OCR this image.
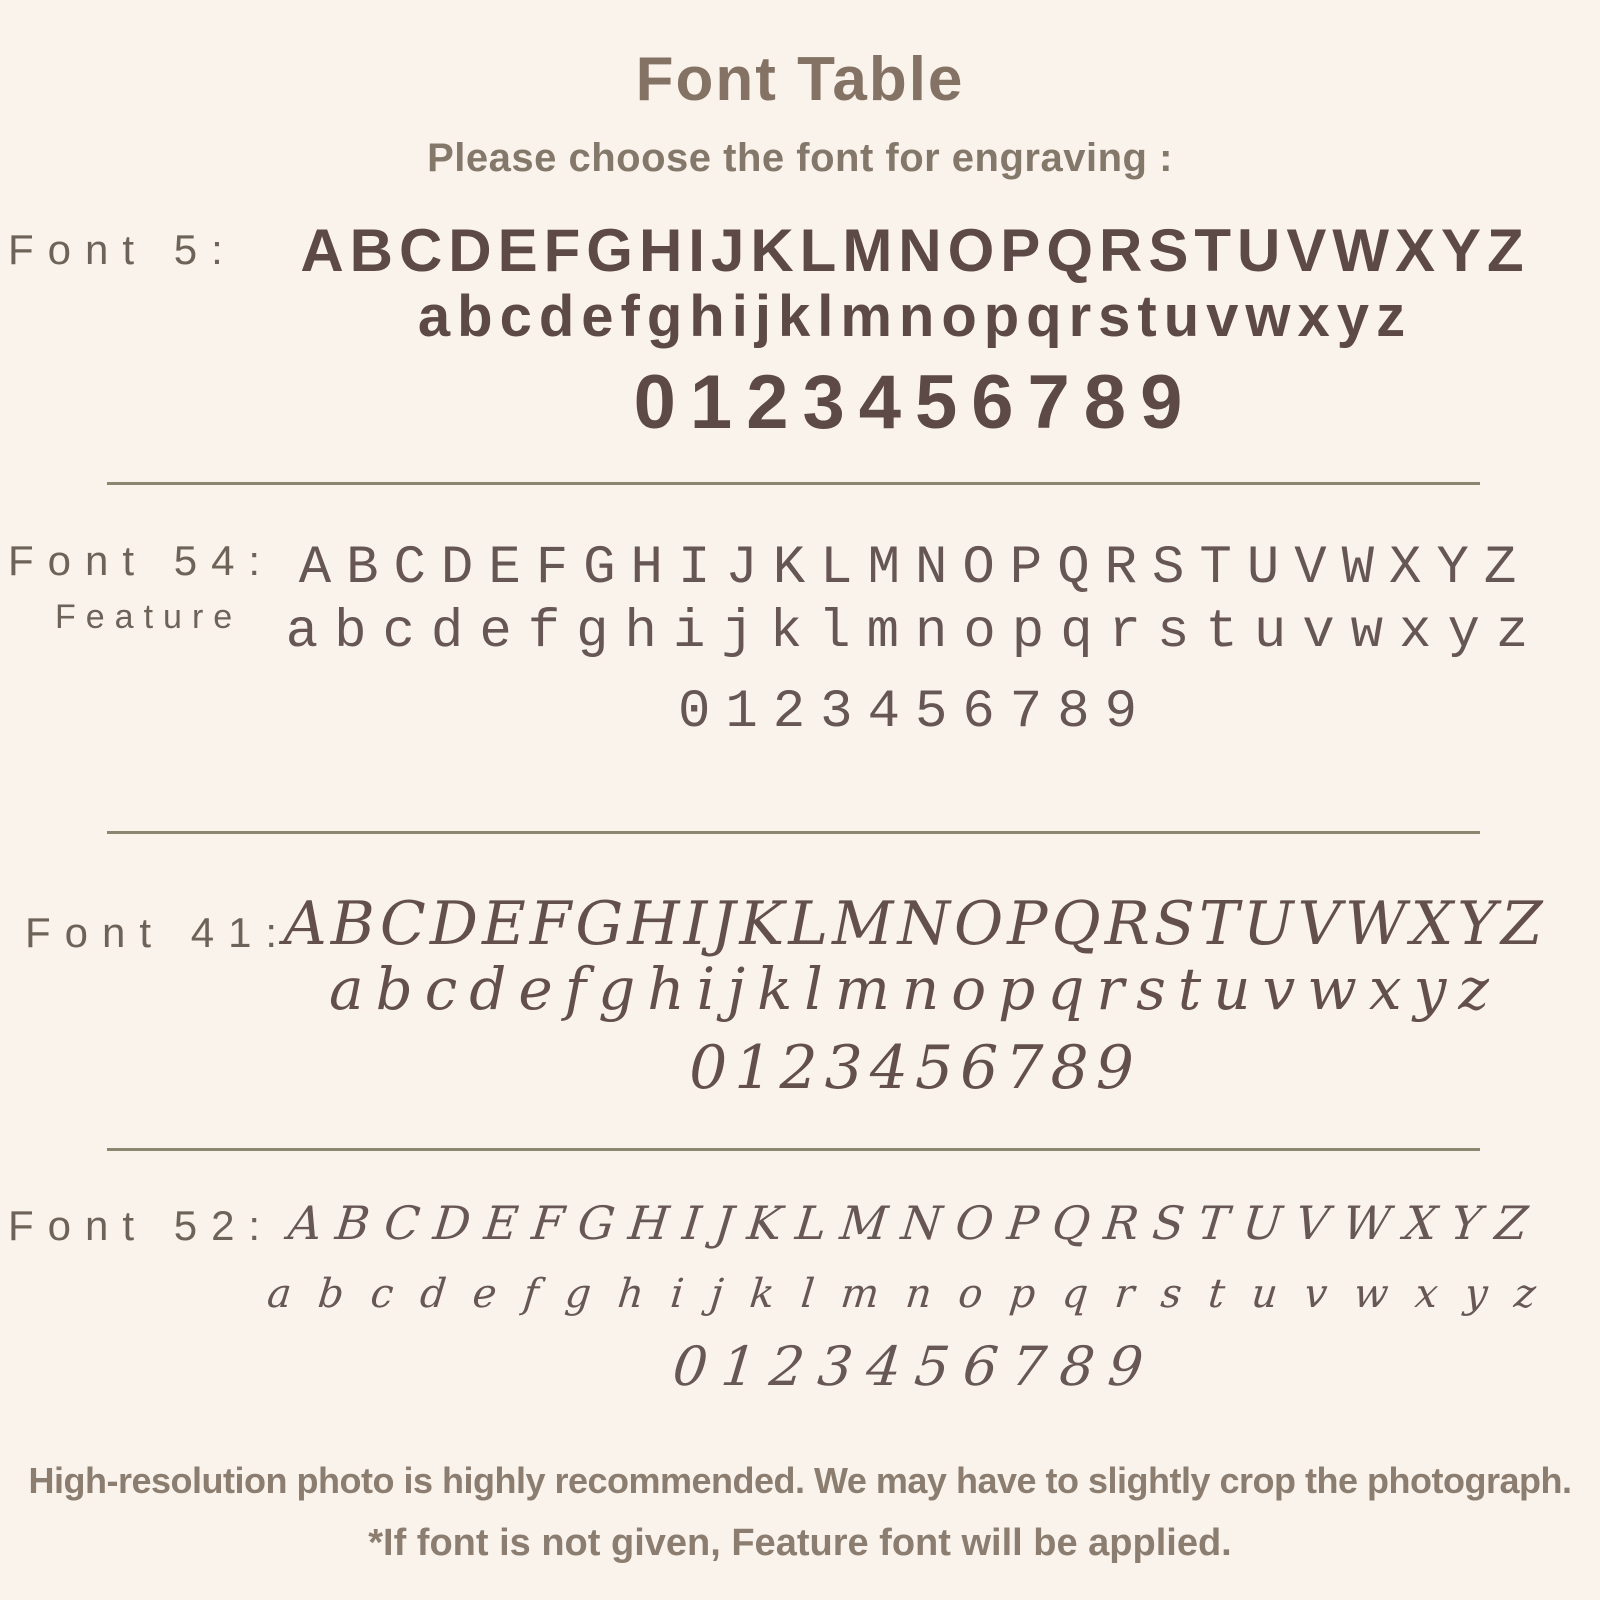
Font Table
Please choose the font for engraving :
Font 5:	ABCDEFGHIJKLMNOPQRSTUVWXYZ
abcdefghijklmnopqrstuvwxyz
0123456789
Font 54:
Feature
ABCDEFGHIJKLMNOPQRSTUVWXYZ
abcdefghijklmnopqrstuvwxyz
0123456789
Font 41:
ABCDEFGHIJKLMNOPQRSTUVWXYZ
abcdefghijklmnopqrstuvwxyz
0123456789
Font 52: ABCDEFGHIJKLMNOPQRSTUVWXYZ
abcdefghijklmnopqrstuvwxyz
0123456789
High-resolution photo is highly recommended. We may have to slightly crop the photograph.
*If font is not given, Feature font will be applied.
